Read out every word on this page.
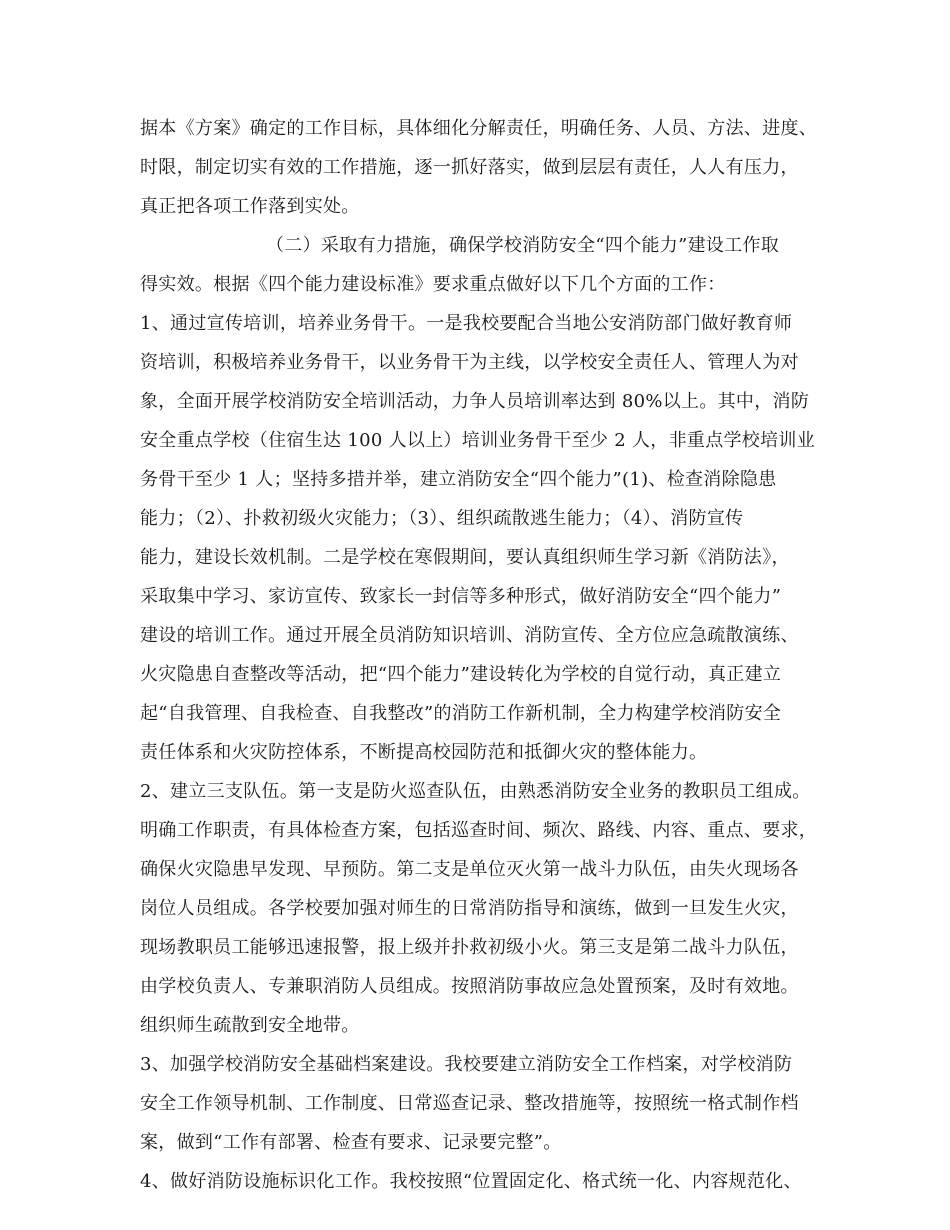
据本《方案》确定的工作目标，具体细化分解责任，明确任务、人员、方法、进度、
时限，制定切实有效的工作措施，逐一抓好落实，做到层层有责任，人人有压力，
真正把各项工作落到实处。
（二）采取有力措施，确保学校消防安全“四个能力”建设工作取
得实效。根据《四个能力建设标准》要求重点做好以下几个方面的工作：
1、通过宣传培训，培养业务骨干。一是我校要配合当地公安消防部门做好教育师
资培训，积极培养业务骨干，以业务骨干为主线，以学校安全责任人、管理人为对
象，全面开展学校消防安全培训活动，力争人员培训率达到 80%以上。其中，消防
安全重点学校（住宿生达 100 人以上）培训业务骨干至少 2 人，非重点学校培训业
务骨干至少 1 人；坚持多措并举，建立消防安全“四个能力”(1)、检查消除隐患
能力；（2）、扑救初级火灾能力；（3）、组织疏散逃生能力；（4）、消防宣传
能力，建设长效机制。二是学校在寒假期间，要认真组织师生学习新《消防法》，
采取集中学习、家访宣传、致家长一封信等多种形式，做好消防安全“四个能力”
建设的培训工作。通过开展全员消防知识培训、消防宣传、全方位应急疏散演练、
火灾隐患自查整改等活动，把“四个能力”建设转化为学校的自觉行动，真正建立
起“自我管理、自我检查、自我整改”的消防工作新机制，全力构建学校消防安全
责任体系和火灾防控体系，不断提高校园防范和抵御火灾的整体能力。
2、建立三支队伍。第一支是防火巡查队伍，由熟悉消防安全业务的教职员工组成。
明确工作职责，有具体检查方案，包括巡查时间、频次、路线、内容、重点、要求，
确保火灾隐患早发现、早预防。第二支是单位灭火第一战斗力队伍，由失火现场各
岗位人员组成。各学校要加强对师生的日常消防指导和演练，做到一旦发生火灾，
现场教职员工能够迅速报警，报上级并扑救初级小火。第三支是第二战斗力队伍，
由学校负责人、专兼职消防人员组成。按照消防事故应急处置预案，及时有效地。
组织师生疏散到安全地带。
3、加强学校消防安全基础档案建设。我校要建立消防安全工作档案，对学校消防
安全工作领导机制、工作制度、日常巡查记录、整改措施等，按照统一格式制作档
案，做到“工作有部署、检查有要求、记录要完整”。
4、做好消防设施标识化工作。我校按照“位置固定化、格式统一化、内容规范化、
